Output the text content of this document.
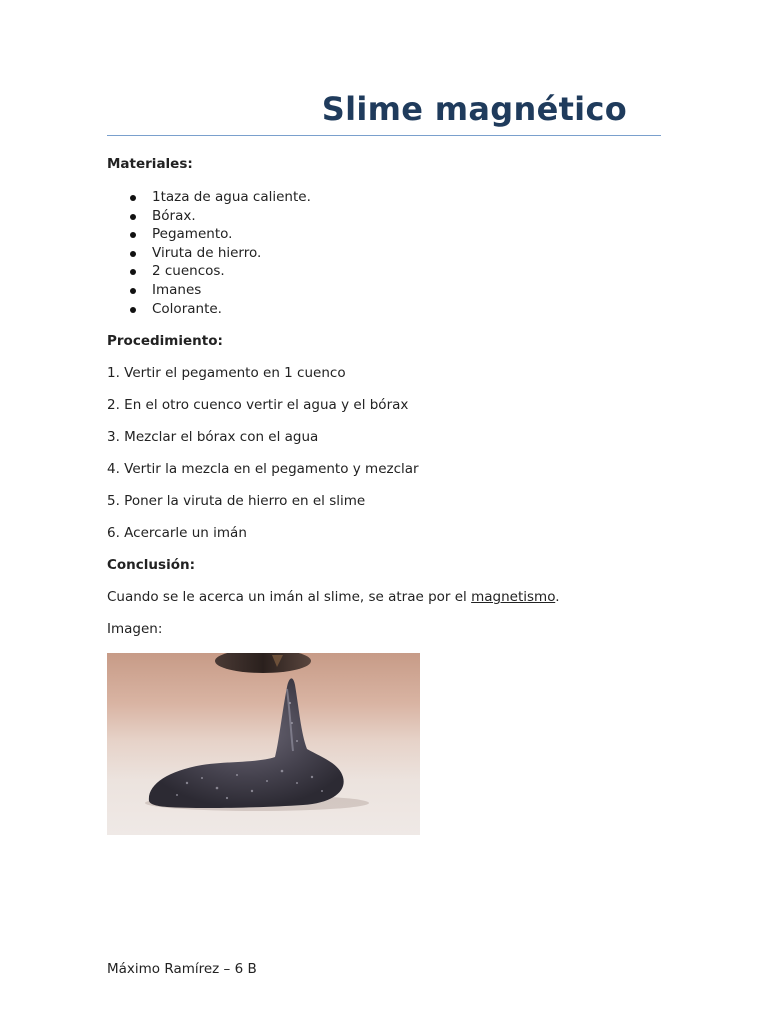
Slime magnético

Materiales:

1taza de agua caliente.
Bórax.
Pegamento.
Viruta de hierro.
2 cuencos.
Imanes
Colorante.

Procedimiento:

1. Vertir el pegamento en 1 cuenco

2. En el otro cuenco vertir el agua y el bórax

3. Mezclar el bórax con el agua

4. Vertir la mezcla en el pegamento y mezclar

5. Poner la viruta de hierro en el slime

6. Acercarle un imán

Conclusión:

Cuando se le acerca un imán al slime, se atrae por el magnetismo.

Imagen:

Máximo Ramírez – 6 B
